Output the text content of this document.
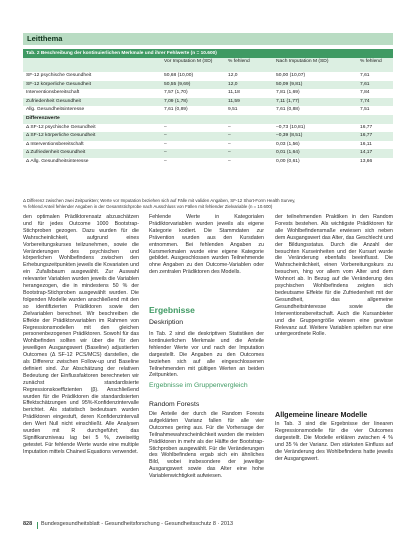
Leitthema
Tab. 2 Beschreibung der kontinuierlichen Merkmale und ihrer Fehlwerte (n = 10.600)
Vor Imputation M (SD)	% fehlend	Nach Imputation M (SD)	% fehlend
SF-12 psychische Gesundheit	50,68 (10,00)	12,0	50,00 (10,07)	7,61
SF-12 körperliche Gesundheit	50,55 (9,69)	12,0	50,09 (9,81)	7,61
Interventionsbereitschaft	7,57 (1,70)	11,18	7,81 (1,69)	7,84
Zufriedenheit Gesundheit	7,09 (1,78)	11,59	7,11 (1,77)	7,74
Allg. Gesundheitsinteresse	7,61 (0,89)	9,51	7,61 (0,88)	7,51
Differenzwerte
Δ SF-12 psychische Gesundheit	–	–	–0,73 (10,81)	16,77
Δ SF-12 körperliche Gesundheit	–	–	–0,39 (8,51)	16,77
Δ Interventionsbereitschaft	–	–	0,03 (1,56)	16,11
Δ Zufriedenheit Gesundheit	–	–	0,01 (1,64)	14,17
Δ Allg. Gesundheitsinteresse	–	–	0,00 (0,61)	13,66

Δ Differenz zwischen zwei Zeitpunkten; Werte vor Imputation beziehen sich auf Fälle mit validen Angaben, SF-12 Short-Form Health Survey,

% fehlend Anteil fehlender Angaben in der Gesamtstichprobe nach Ausschluss von Fällen mit fehlender Zielvariable (n = 10.600)

den optimalen Prädiktorensatz abzuschätzen und für jedes Outcome 1000 Bootstrap-Stichproben gezogen. Dazu wurden für die Wahrscheinlichkeit, aufgrund eines Vorbereitungskurses teilzunehmen, sowie die Veränderungen des psychischen und körperlichen Wohlbefindens zwischen den Erhebungszeitpunkten jeweils die Kovariaten und ein Zufallsbaum ausgewählt. Zur Auswahl relevanter Variablen wurden jeweils die Variablen herangezogen, die in mindestens 50 % der Bootstrap-Stichproben ausgewählt wurden. Die folgenden Modelle wurden anschließend mit den so identifizierten Prädiktoren sowie den Zielvariablen berechnet. Wir beschreiben die Effekte der Prädiktorvariablen im Rahmen von Regressionsmodellen mit den gleichen personenbezogenen Prädiktoren. Sowohl für das Wohlbefinden sollten wir über die für den jeweiligen Ausgangswert (Baseline) adjustierten Outcomes (Δ SF-12 PCS/MCS) darstellen, die als Differenz zwischen Follow-up und Baseline definiert sind. Zur Abschätzung der relativen Bedeutung der Einflussfaktoren berechneten wir zunächst standardisierte Regressionskoeffizienten (β). Anschließend wurden für die Prädiktoren die standardisierten Effektschätzungen und 95%-Konfidenzintervalle berichtet. Als statistisch bedeutsam wurden Prädiktoren eingestuft, deren Konfidenzintervall den Wert Null nicht einschließt. Alle Analysen wurden mit R durchgeführt; das Signifikanzniveau lag bei 5 %, zweiseitig getestet. Für fehlende Werte wurde eine multiple Imputation mittels Chained Equations verwendet.

Fehlende Werte in Kategorialen Prädiktorvariablen wurden jeweils als eigene Kategorie kodiert. Die Stammdaten zur Prävention wurden aus den Kursdaten entnommen. Bei fehlenden Angaben zu Kursmerkmalen wurde eine eigene Kategorie gebildet. Ausgeschlossen wurden Teilnehmende ohne Angaben zu den Outcome-Variablen oder den zentralen Prädiktoren des Modells.

Ergebnisse
Deskription

In Tab. 2 sind die deskriptiven Statistiken der kontinuierlichen Merkmale und die Anteile fehlender Werte vor und nach der Imputation dargestellt. Die Angaben zu den Outcomes beziehen sich auf alle eingeschlossenen Teilnehmenden mit gültigen Werten an beiden Zeitpunkten.

Ergebnisse im Gruppenvergleich
Random Forests

Die Anteile der durch die Random Forests aufgeklärten Varianz fallen für alle vier Outcomes gering aus. Für die Vorhersage der Teilnahmewahrscheinlichkeit wurden die meisten Prädiktoren in mehr als der Hälfte der Bootstrap-Stichproben ausgewählt. Für die Veränderungen des Wohlbefindens ergab sich ein ähnliches Bild, wobei insbesondere der jeweilige Ausgangswert sowie das Alter eine hohe Variablenwichtigkeit aufwiesen.

der teilnehmenden Praktiken in den Random Forests bestehen. Als wichtigste Prädiktoren für alle Wohlbefindensmaße erwiesen sich neben dem Ausgangswert das Alter, das Geschlecht und der Bildungsstatus. Durch die Anzahl der besuchten Kurseinheiten und der Kursart wurde die Veränderung ebenfalls beeinflusst. Die Wahrscheinlichkeit, einen Vorbereitungskurs zu besuchen, hing vor allem vom Alter und dem Wohnort ab. In Bezug auf die Veränderung des psychischen Wohlbefindens zeigten sich bedeutsame Effekte für die Zufriedenheit mit der Gesundheit, das allgemeine Gesundheitsinteresse sowie die Interventionsbereitschaft. Auch die Kursanbieter und die Gruppengröße wiesen eine gewisse Relevanz auf. Weitere Variablen spielten nur eine untergeordnete Rolle.

Allgemeine lineare Modelle

In Tab. 3 sind die Ergebnisse der linearen Regressionsmodelle für die vier Outcomes dargestellt. Die Modelle erklären zwischen 4 % und 35 % der Varianz. Den stärksten Einfluss auf die Veränderung des Wohlbefindens hatte jeweils der Ausgangswert.

828 Bundesgesundheitsblatt - Gesundheitsforschung - Gesundheitsschutz 8 · 2013
